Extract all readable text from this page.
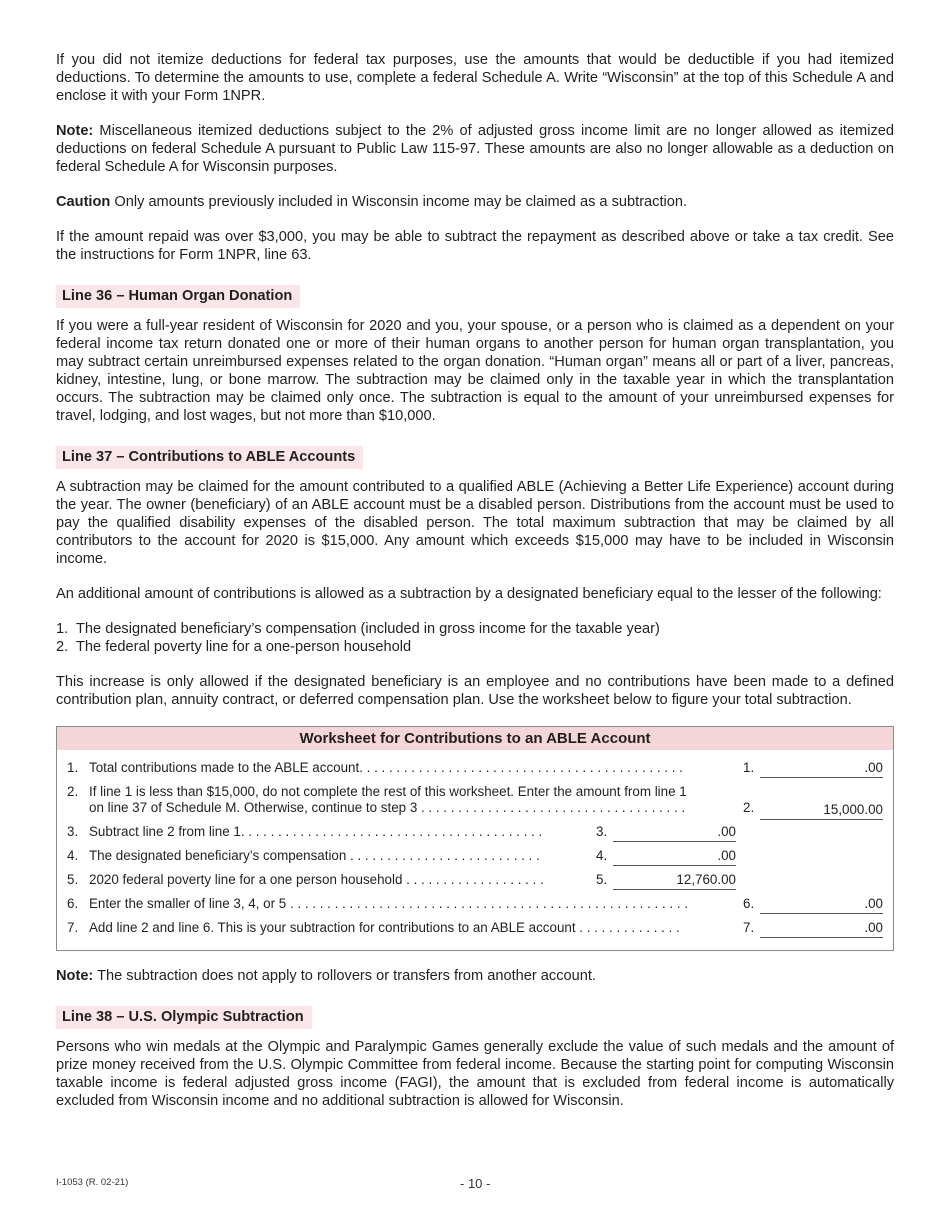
If you did not itemize deductions for federal tax purposes, use the amounts that would be deductible if you had itemized deductions. To determine the amounts to use, complete a federal Schedule A. Write “Wisconsin” at the top of this Schedule A and enclose it with your Form 1NPR.

Note: Miscellaneous itemized deductions subject to the 2% of adjusted gross income limit are no longer allowed as itemized deductions on federal Schedule A pursuant to Public Law 115-97. These amounts are also no longer allowable as a deduction on federal Schedule A for Wisconsin purposes.

Caution Only amounts previously included in Wisconsin income may be claimed as a subtraction.

If the amount repaid was over $3,000, you may be able to subtract the repayment as described above or take a tax credit. See the instructions for Form 1NPR, line 63.

Line 36 – Human Organ Donation

If you were a full-year resident of Wisconsin for 2020 and you, your spouse, or a person who is claimed as a dependent on your federal income tax return donated one or more of their human organs to another person for human organ transplantation, you may subtract certain unreimbursed expenses related to the organ donation. “Human organ” means all or part of a liver, pancreas, kidney, intestine, lung, or bone marrow. The subtraction may be claimed only in the taxable year in which the transplantation occurs. The subtraction may be claimed only once. The subtraction is equal to the amount of your unreimbursed expenses for travel, lodging, and lost wages, but not more than $10,000.

Line 37 – Contributions to ABLE Accounts

A subtraction may be claimed for the amount contributed to a qualified ABLE (Achieving a Better Life Experience) account during the year. The owner (beneficiary) of an ABLE account must be a disabled person. Distributions from the account must be used to pay the qualified disability expenses of the disabled person. The total maximum subtraction that may be claimed by all contributors to the account for 2020 is $15,000. Any amount which exceeds $15,000 may have to be included in Wisconsin income.

An additional amount of contributions is allowed as a subtraction by a designated beneficiary equal to the lesser of the following:

1. The designated beneficiary’s compensation (included in gross income for the taxable year)
2. The federal poverty line for a one-person household

This increase is only allowed if the designated beneficiary is an employee and no contributions have been made to a defined contribution plan, annuity contract, or deferred compensation plan. Use the worksheet below to figure your total subtraction.

Worksheet for Contributions to an ABLE Account
1. Total contributions made to the ABLE account. . . . . . . . . . . . . . . . . . . . . . . . . . . . . . . . . . . . . . . . . . . .	1.	.00
2. If line 1 is less than $15,000, do not complete the rest of this worksheet. Enter the amount from line 1
on line 37 of Schedule M. Otherwise, continue to step 3 . . . . . . . . . . . . . . . . . . . . . . . . . . . . . . . . . . . .	2.	15,000.00
3. Subtract line 2 from line 1. . . . . . . . . . . . . . . . . . . . . . . . . . . . . . . . . . . . . . . . .	3.	.00
4. The designated beneficiary’s compensation . . . . . . . . . . . . . . . . . . . . . . . . . .	4.	.00
5. 2020 federal poverty line for a one person household . . . . . . . . . . . . . . . . . . .	5.	12,760.00
6. Enter the smaller of line 3, 4, or 5 . . . . . . . . . . . . . . . . . . . . . . . . . . . . . . . . . . . . . . . . . . . . . . . . . . . . . .	6.	.00
7. Add line 2 and line 6. This is your subtraction for contributions to an ABLE account . . . . . . . . . . . . . .	7.	.00

Note: The subtraction does not apply to rollovers or transfers from another account.

Line 38 – U.S. Olympic Subtraction

Persons who win medals at the Olympic and Paralympic Games generally exclude the value of such medals and the amount of prize money received from the U.S. Olympic Committee from federal income. Because the starting point for computing Wisconsin taxable income is federal adjusted gross income (FAGI), the amount that is excluded from federal income is automatically excluded from Wisconsin income and no additional subtraction is allowed for Wisconsin.

I-1053 (R. 02-21)	- 10 -
